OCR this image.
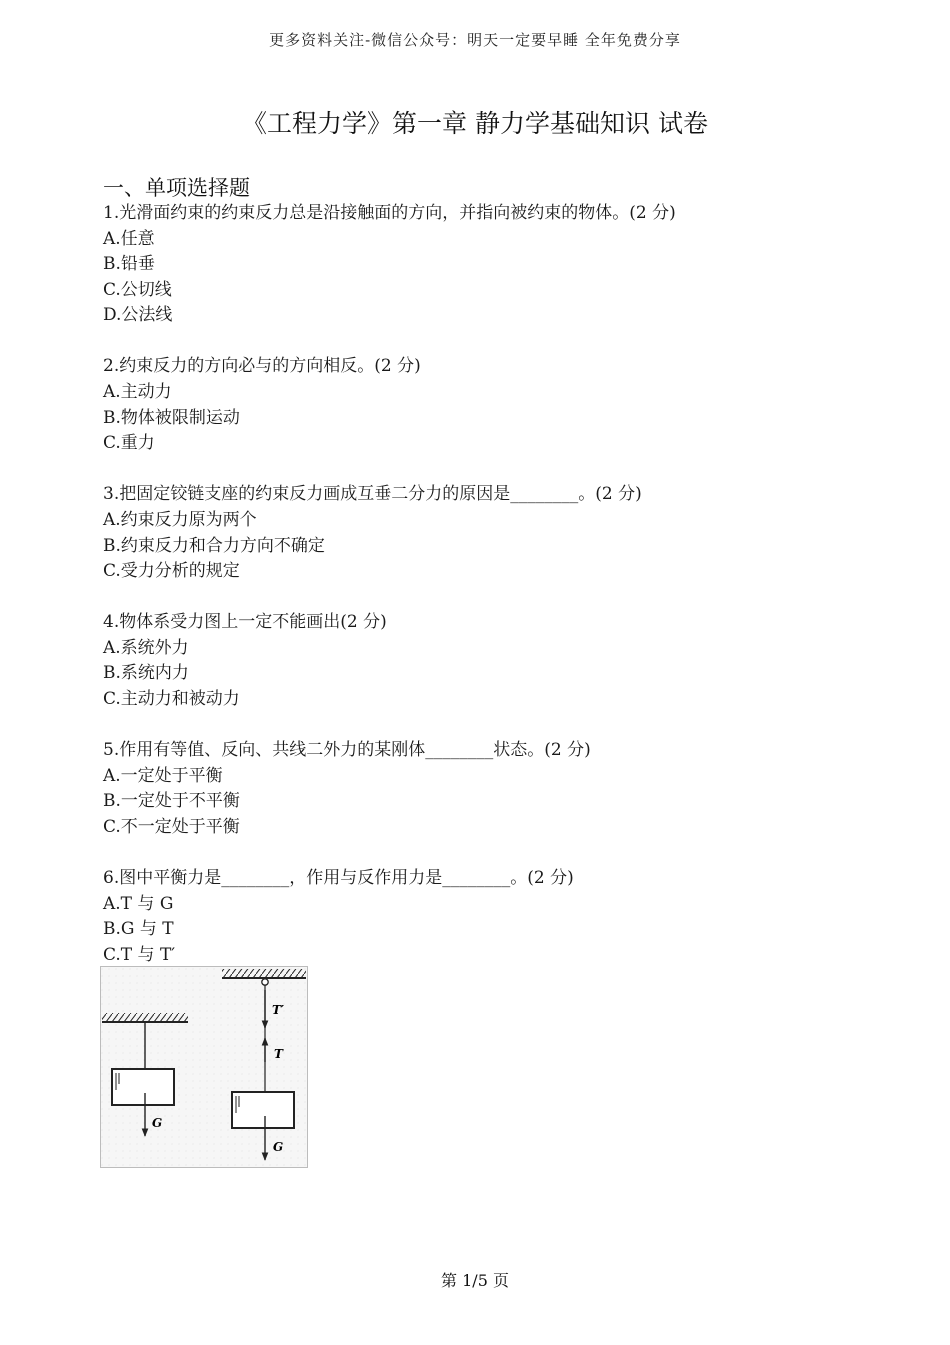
更多资料关注-微信公众号：明天一定要早睡 全年免费分享
《工程力学》第一章 静力学基础知识 试卷
一、单项选择题
1.光滑面约束的约束反力总是沿接触面的方向，并指向被约束的物体。(2 分)
A.任意
B.铅垂
C.公切线
D.公法线
2.约束反力的方向必与的方向相反。(2 分)
A.主动力
B.物体被限制运动
C.重力
3.把固定铰链支座的约束反力画成互垂二分力的原因是________。(2 分)
A.约束反力原为两个
B.约束反力和合力方向不确定
C.受力分析的规定
4.物体系受力图上一定不能画出(2 分)
A.系统外力
B.系统内力
C.主动力和被动力
5.作用有等值、反向、共线二外力的某刚体________状态。(2 分)
A.一定处于平衡
B.一定处于不平衡
C.不一定处于平衡
6.图中平衡力是________，作用与反作用力是________。(2 分)
A.T 与 G
B.G 与 T
C.T 与 T′
G
T′
T
G
第 1/5 页
